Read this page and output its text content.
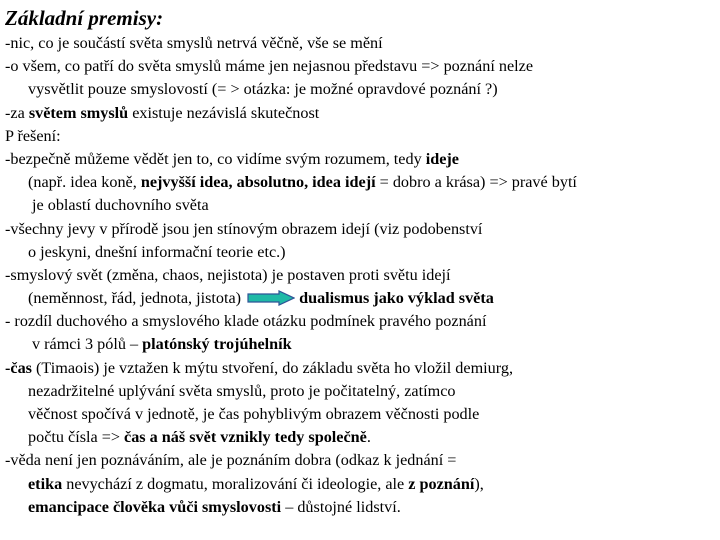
Základní premisy:
-nic, co je součástí světa smyslů netrvá věčně, vše se mění
-o všem, co patří do světa smyslů máme jen nejasnou představu => poznání nelze
vysvětlit pouze smyslovostí (= > otázka: je možné opravdové poznání ?)
-za světem smyslů existuje nezávislá skutečnost
P řešení:
-bezpečně můžeme vědět jen to, co vidíme svým rozumem, tedy ideje
(např. idea koně, nejvyšší idea, absolutno, idea idejí = dobro a krása) => pravé bytí
je oblastí duchovního světa
-všechny jevy v přírodě jsou jen stínovým obrazem idejí (viz podobenství
o jeskyni, dnešní informační teorie etc.)
-smyslový svět (změna, chaos, nejistota) je postaven proti světu idejí
(neměnnost, řád, jednota, jistota)	dualismus jako výklad světa
- rozdíl duchového a smyslového klade otázku podmínek pravého poznání
v rámci 3 pólů – platónský trojúhelník
-čas (Timaois) je vztažen k mýtu stvoření, do základu světa ho vložil demiurg,
nezadržitelné uplývání světa smyslů, proto je počitatelný, zatímco
věčnost spočívá v jednotě, je čas pohyblivým obrazem věčnosti podle
počtu čísla => čas a náš svět vznikly tedy společně.
-věda není jen poznáváním, ale je poznáním dobra (odkaz k jednání =
etika nevychází z dogmatu, moralizování či ideologie, ale z poznání),
emancipace člověka vůči smyslovosti – důstojné lidství.
